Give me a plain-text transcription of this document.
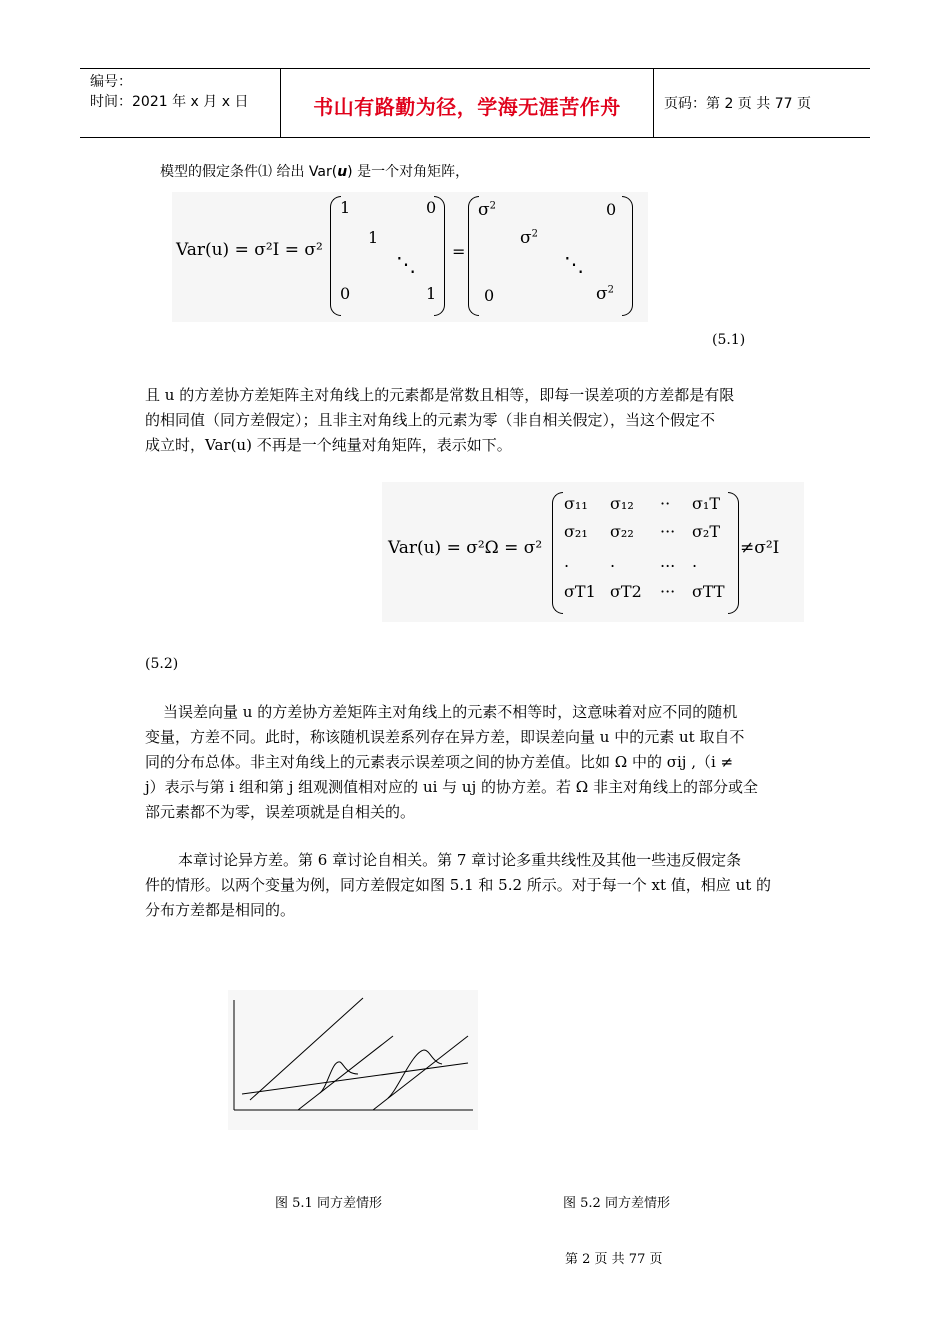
编号：
时间：2021 年 x 月 x 日	书山有路勤为径，学海无涯苦作舟	页码：第 2 页 共 77 页
模型的假定条件⑴ 给出 Var(u) 是一个对角矩阵，
Var(u) = σ²I = σ²
1	0
1
⋱
0	1
=
$\sigma^2$	0
$\sigma^2$
⋱
0	$\sigma^2$
(5.1)
且 u 的方差协方差矩阵主对角线上的元素都是常数且相等，即每一误差项的方差都是有限
的相同值（同方差假定）；且非主对角线上的元素为零（非自相关假定），当这个假定不
成立时，Var(u) 不再是一个纯量对角矩阵，表示如下。
Var(u) = σ²Ω = σ²
σ₁₁ σ₁₂ ·· σ₁T
σ₂₁ σ₂₂ ··· σ₂T
.	.	... .
σT1 σT2 ··· σTT
≠σ²I
(5.2)
当误差向量 u 的方差协方差矩阵主对角线上的元素不相等时，这意味着对应不同的随机
变量，方差不同。此时，称该随机误差系列存在异方差，即误差向量 u 中的元素 ut 取自不
同的分布总体。非主对角线上的元素表示误差项之间的协方差值。比如 Ω 中的 σij ,（i ≠
j）表示与第 i 组和第 j 组观测值相对应的 ui 与 uj 的协方差。若 Ω 非主对角线上的部分或全
部元素都不为零，误差项就是自相关的。
本章讨论异方差。第 6 章讨论自相关。第 7 章讨论多重共线性及其他一些违反假定条
件的情形。以两个变量为例，同方差假定如图 5.1 和 5.2 所示。对于每一个 xt 值，相应 ut 的
分布方差都是相同的。
图 5.1 同方差情形	图 5.2 同方差情形
第 2 页 共 77 页
